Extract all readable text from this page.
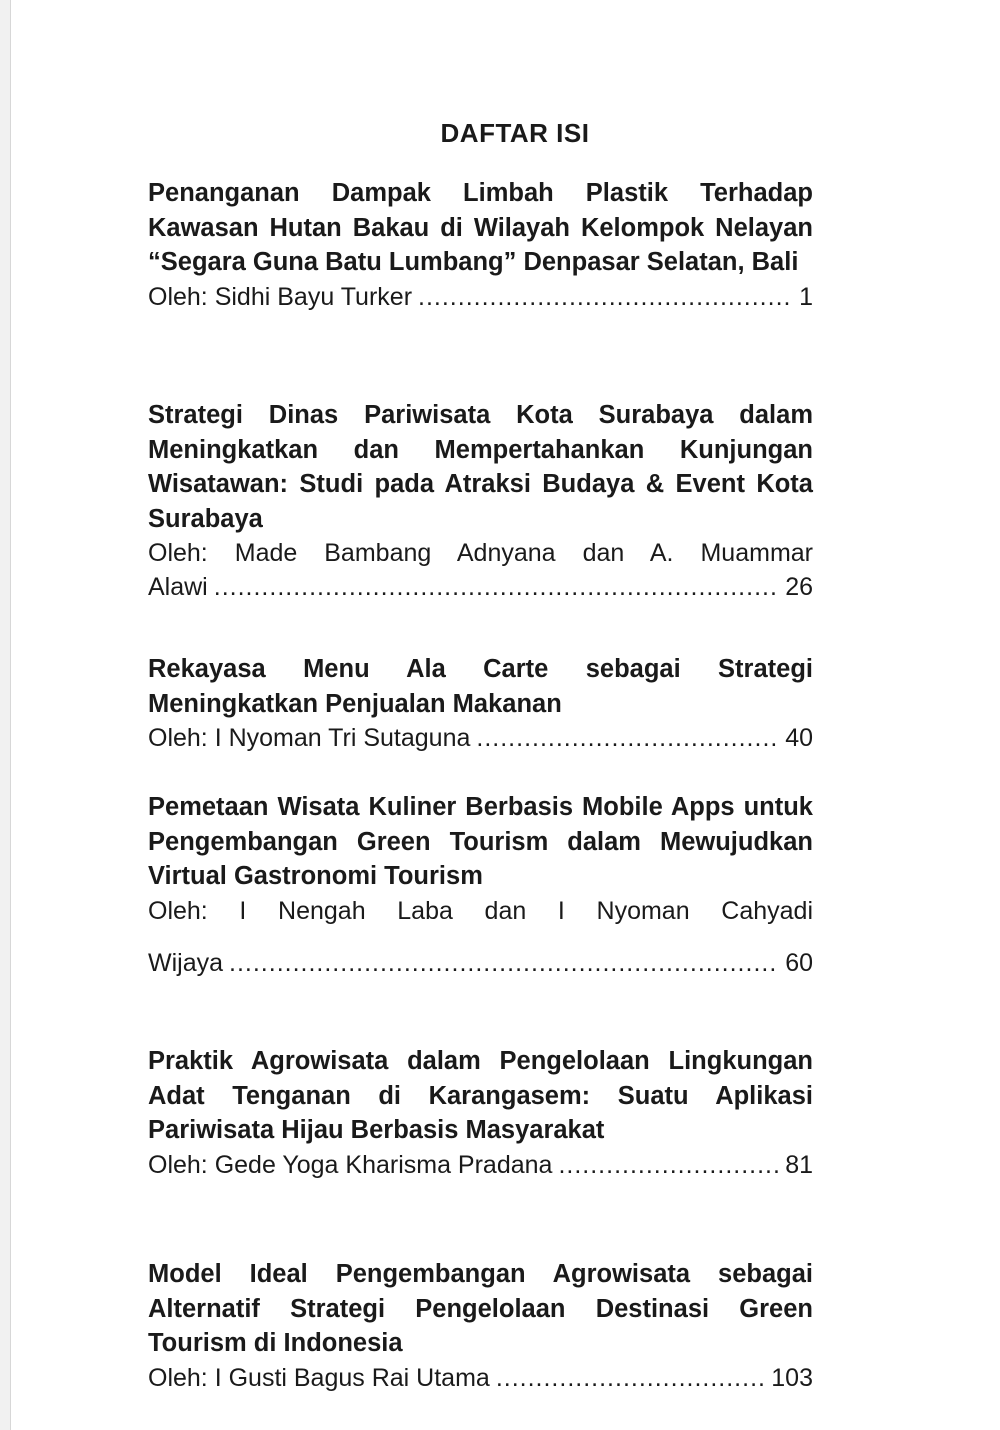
DAFTAR ISI
Penanganan Dampak Limbah Plastik Terhadap Kawasan Hutan Bakau di Wilayah Kelompok Nelayan “Segara Guna Batu Lumbang” Denpasar Selatan, Bali
Oleh: Sidhi Bayu Turker .....	1
Strategi Dinas Pariwisata Kota Surabaya dalam Meningkatkan dan Mempertahankan Kunjungan Wisatawan: Studi pada Atraksi Budaya & Event Kota Surabaya
Oleh: Made Bambang Adnyana dan A. Muammar
Alawi .....	26
Rekayasa Menu Ala Carte sebagai Strategi Meningkatkan Penjualan Makanan
Oleh: I Nyoman Tri Sutaguna .....	40
Pemetaan Wisata Kuliner Berbasis Mobile Apps untuk Pengembangan Green Tourism dalam Mewujudkan Virtual Gastronomi Tourism
Oleh: I Nengah Laba dan I Nyoman Cahyadi
Wijaya .....	60
Praktik Agrowisata dalam Pengelolaan Lingkungan Adat Tenganan di Karangasem: Suatu Aplikasi Pariwisata Hijau Berbasis Masyarakat
Oleh: Gede Yoga Kharisma Pradana .....	81
Model Ideal Pengembangan Agrowisata sebagai Alternatif Strategi Pengelolaan Destinasi Green Tourism di Indonesia
Oleh: I Gusti Bagus Rai Utama .....	103
